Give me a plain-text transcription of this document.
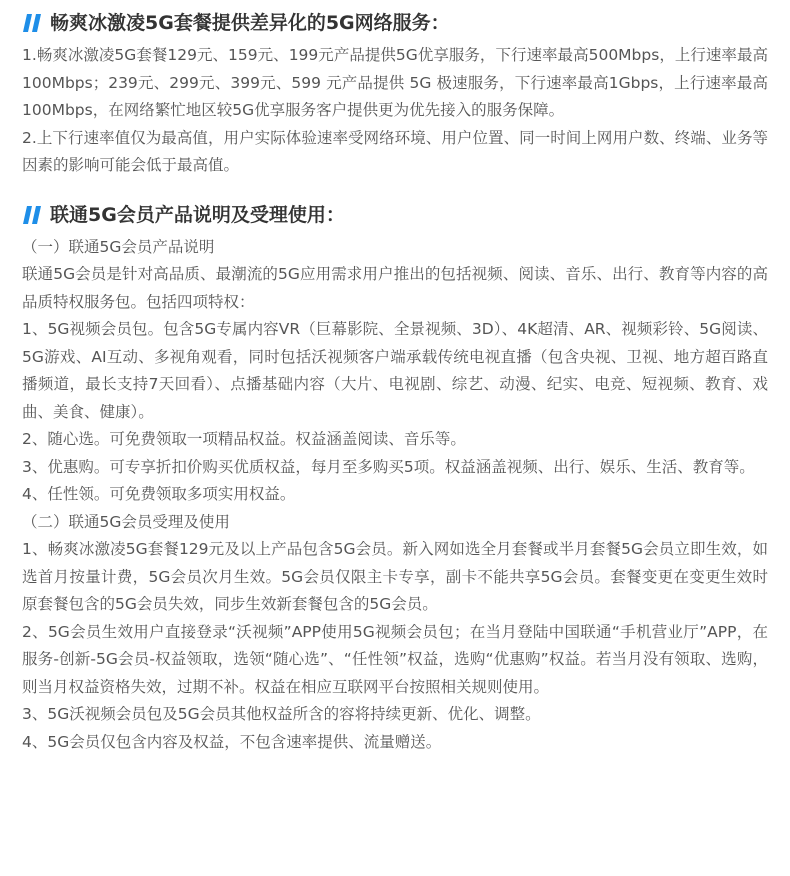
畅爽冰激凌5G套餐提供差异化的5G网络服务：

1.畅爽冰激凌5G套餐129元、159元、199元产品提供5G优享服务，下行速率最高500Mbps，上行速率最高100Mbps；239元、299元、399元、599 元产品提供 5G 极速服务，下行速率最高1Gbps，上行速率最高 100Mbps，在网络繁忙地区较5G优享服务客户提供更为优先接入的服务保障。

2.上下行速率值仅为最高值，用户实际体验速率受网络环境、用户位置、同一时间上网用户数、终端、业务等因素的影响可能会低于最高值。

联通5G会员产品说明及受理使用：

（一）联通5G会员产品说明

联通5G会员是针对高品质、最潮流的5G应用需求用户推出的包括视频、阅读、音乐、出行、教育等内容的高品质特权服务包。包括四项特权：

1、5G视频会员包。包含5G专属内容VR（巨幕影院、全景视频、3D）、4K超清、AR、视频彩铃、5G阅读、5G游戏、AI互动、多视角观看，同时包括沃视频客户端承载传统电视直播（包含央视、卫视、地方超百路直播频道，最长支持7天回看）、点播基础内容（大片、电视剧、综艺、动漫、纪实、电竞、短视频、教育、戏曲、美食、健康）。

2、随心选。可免费领取一项精品权益。权益涵盖阅读、音乐等。

3、优惠购。可专享折扣价购买优质权益，每月至多购买5项。权益涵盖视频、出行、娱乐、生活、教育等。

4、任性领。可免费领取多项实用权益。

（二）联通5G会员受理及使用

1、畅爽冰激凌5G套餐129元及以上产品包含5G会员。新入网如选全月套餐或半月套餐5G会员立即生效，如选首月按量计费，5G会员次月生效。5G会员仅限主卡专享，副卡不能共享5G会员。套餐变更在变更生效时原套餐包含的5G会员失效，同步生效新套餐包含的5G会员。

2、5G会员生效用户直接登录“沃视频”APP使用5G视频会员包；在当月登陆中国联通“手机营业厅”APP，在服务-创新-5G会员-权益领取，选领“随心选”、“任性领”权益，选购“优惠购”权益。若当月没有领取、选购，则当月权益资格失效，过期不补。权益在相应互联网平台按照相关规则使用。

3、5G沃视频会员包及5G会员其他权益所含的容将持续更新、优化、调整。

4、5G会员仅包含内容及权益，不包含速率提供、流量赠送。
